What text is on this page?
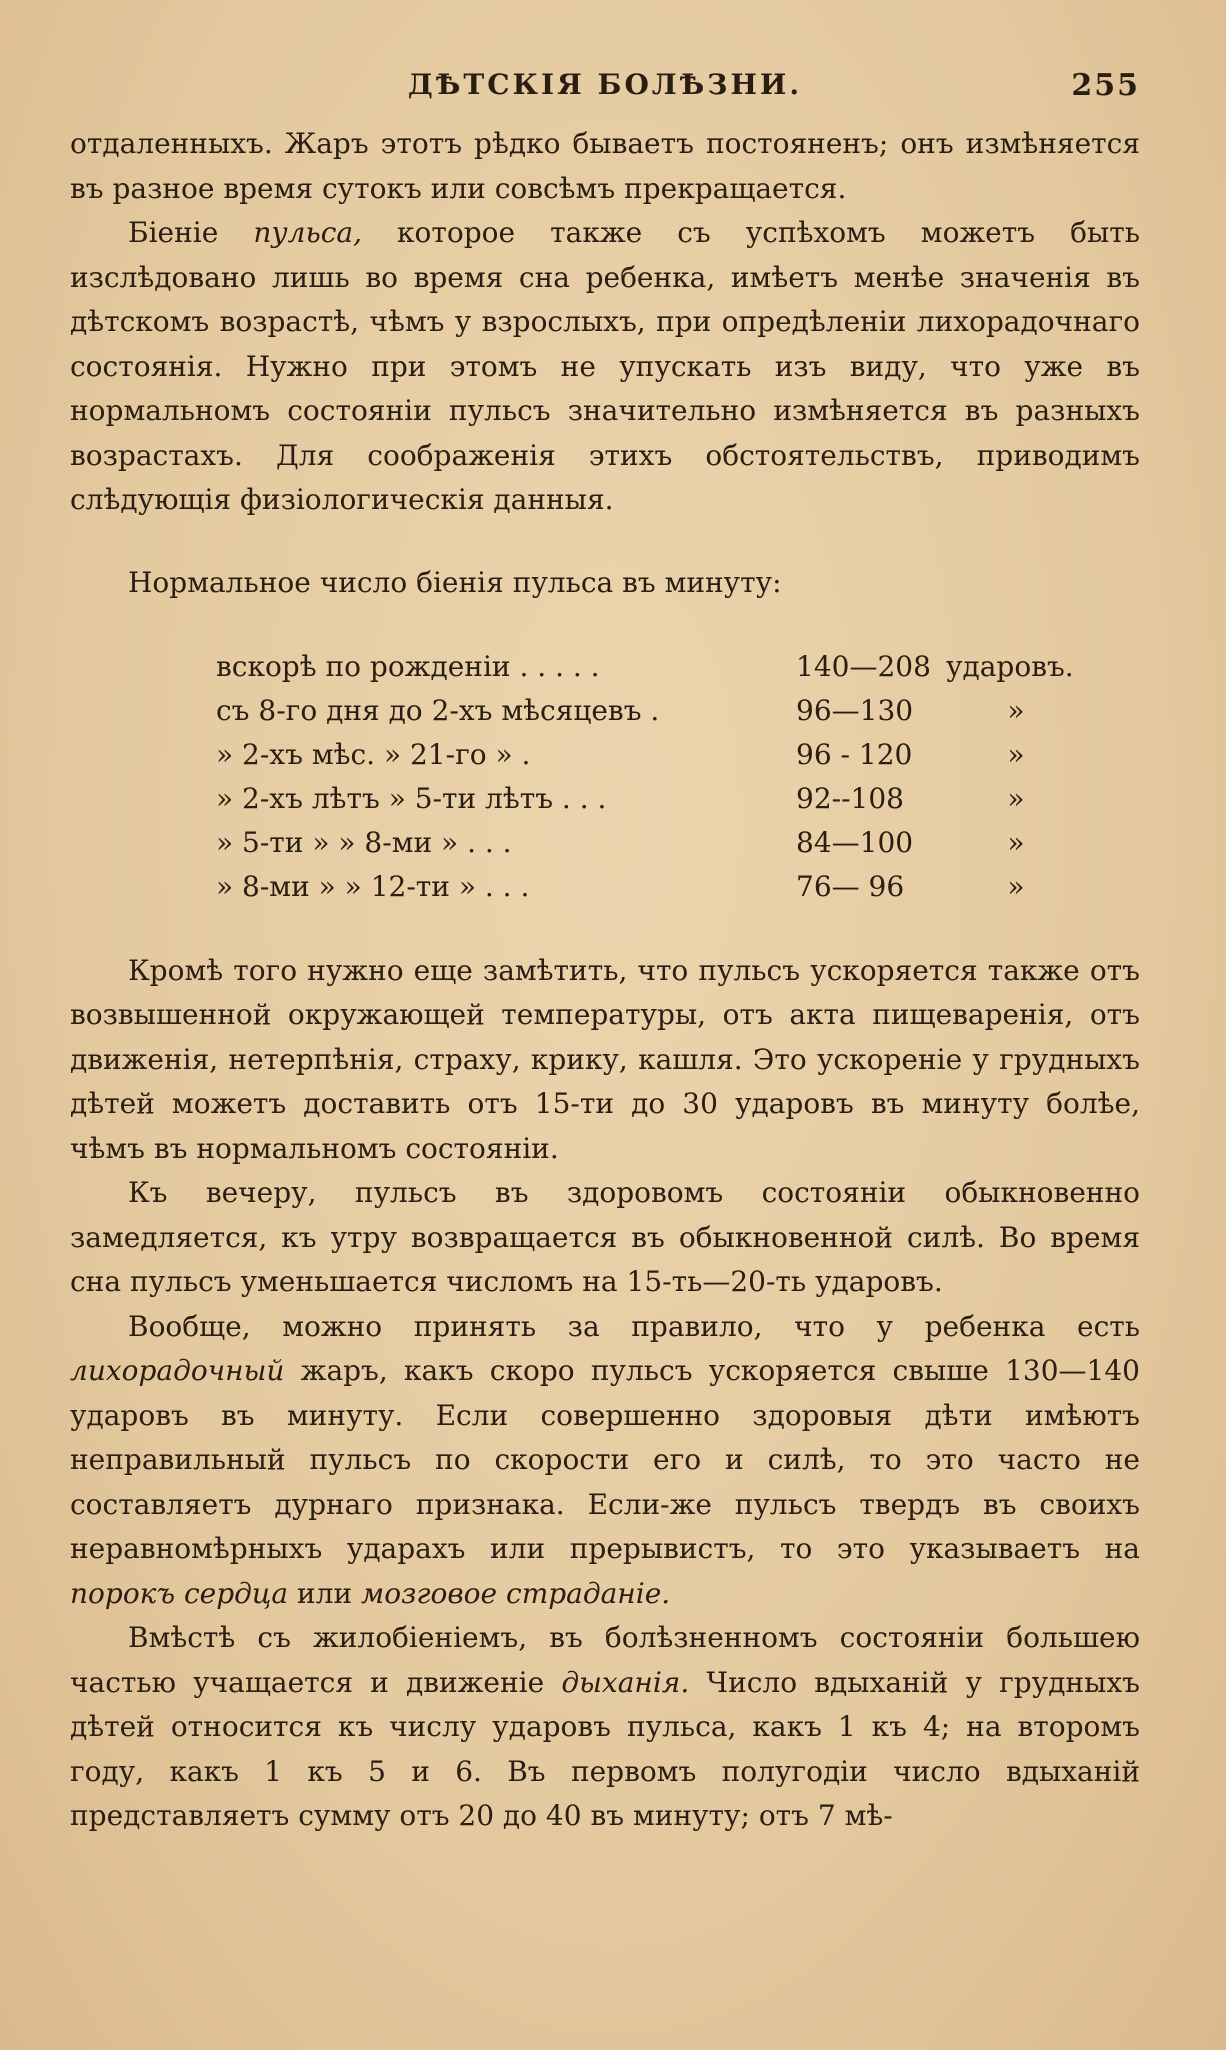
ДѢТСКІЯ БОЛѢЗНИ.	255

отдаленныхъ. Жаръ этотъ рѣдко бываетъ постояненъ; онъ измѣняется въ разное время сутокъ или совсѣмъ прекращается.

Біеніе пульса, которое также съ успѣхомъ можетъ быть изслѣдовано лишь во время сна ребенка, имѣетъ менѣе значенія въ дѣтскомъ возрастѣ, чѣмъ у взрослыхъ, при опредѣленіи лихорадочнаго состоянія. Нужно при этомъ не упускать изъ виду, что уже въ нормальномъ состояніи пульсъ значительно измѣняется въ разныхъ возрастахъ. Для соображенія этихъ обстоятельствъ, приводимъ слѣдующія физіологическія данныя.

Нормальное число біенія пульса въ минуту:
вскорѣ по рожденіи . . . . .	140—208	ударовъ.
съ 8-го дня до 2-хъ мѣсяцевъ .	96—130	»
» 2-хъ мѣс. » 21-го » .	96 - 120	»
» 2-хъ лѣтъ » 5-ти лѣтъ . . .	92--108	»
» 5-ти » » 8-ми » . . .	84—100	»
» 8-ми » » 12-ти » . . .	76— 96	»

Кромѣ того нужно еще замѣтить, что пульсъ ускоряется также отъ возвышенной окружающей температуры, отъ акта пищеваренія, отъ движенія, нетерпѣнія, страху, крику, кашля. Это ускореніе у грудныхъ дѣтей можетъ доставить отъ 15-ти до 30 ударовъ въ минуту болѣе, чѣмъ въ нормальномъ состояніи.

Къ вечеру, пульсъ въ здоровомъ состояніи обыкновенно замедляется, къ утру возвращается въ обыкновенной силѣ. Во время сна пульсъ уменьшается числомъ на 15-ть—20-ть ударовъ.

Вообще, можно принять за правило, что у ребенка есть лихорадочный жаръ, какъ скоро пульсъ ускоряется свыше 130—140 ударовъ въ минуту. Если совершенно здоровыя дѣти имѣютъ неправильный пульсъ по скорости его и силѣ, то это часто не составляетъ дурнаго признака. Если-же пульсъ твердъ въ своихъ неравномѣрныхъ ударахъ или прерывистъ, то это указываетъ на порокъ сердца или мозговое страданіе.

Вмѣстѣ съ жилобіеніемъ, въ болѣзненномъ состояніи большею частью учащается и движеніе дыханія. Число вдыханій у грудныхъ дѣтей относится къ числу ударовъ пульса, какъ 1 къ 4; на второмъ году, какъ 1 къ 5 и 6. Въ первомъ полугодіи число вдыханій представляетъ сумму отъ 20 до 40 въ минуту; отъ 7 мѣ-
